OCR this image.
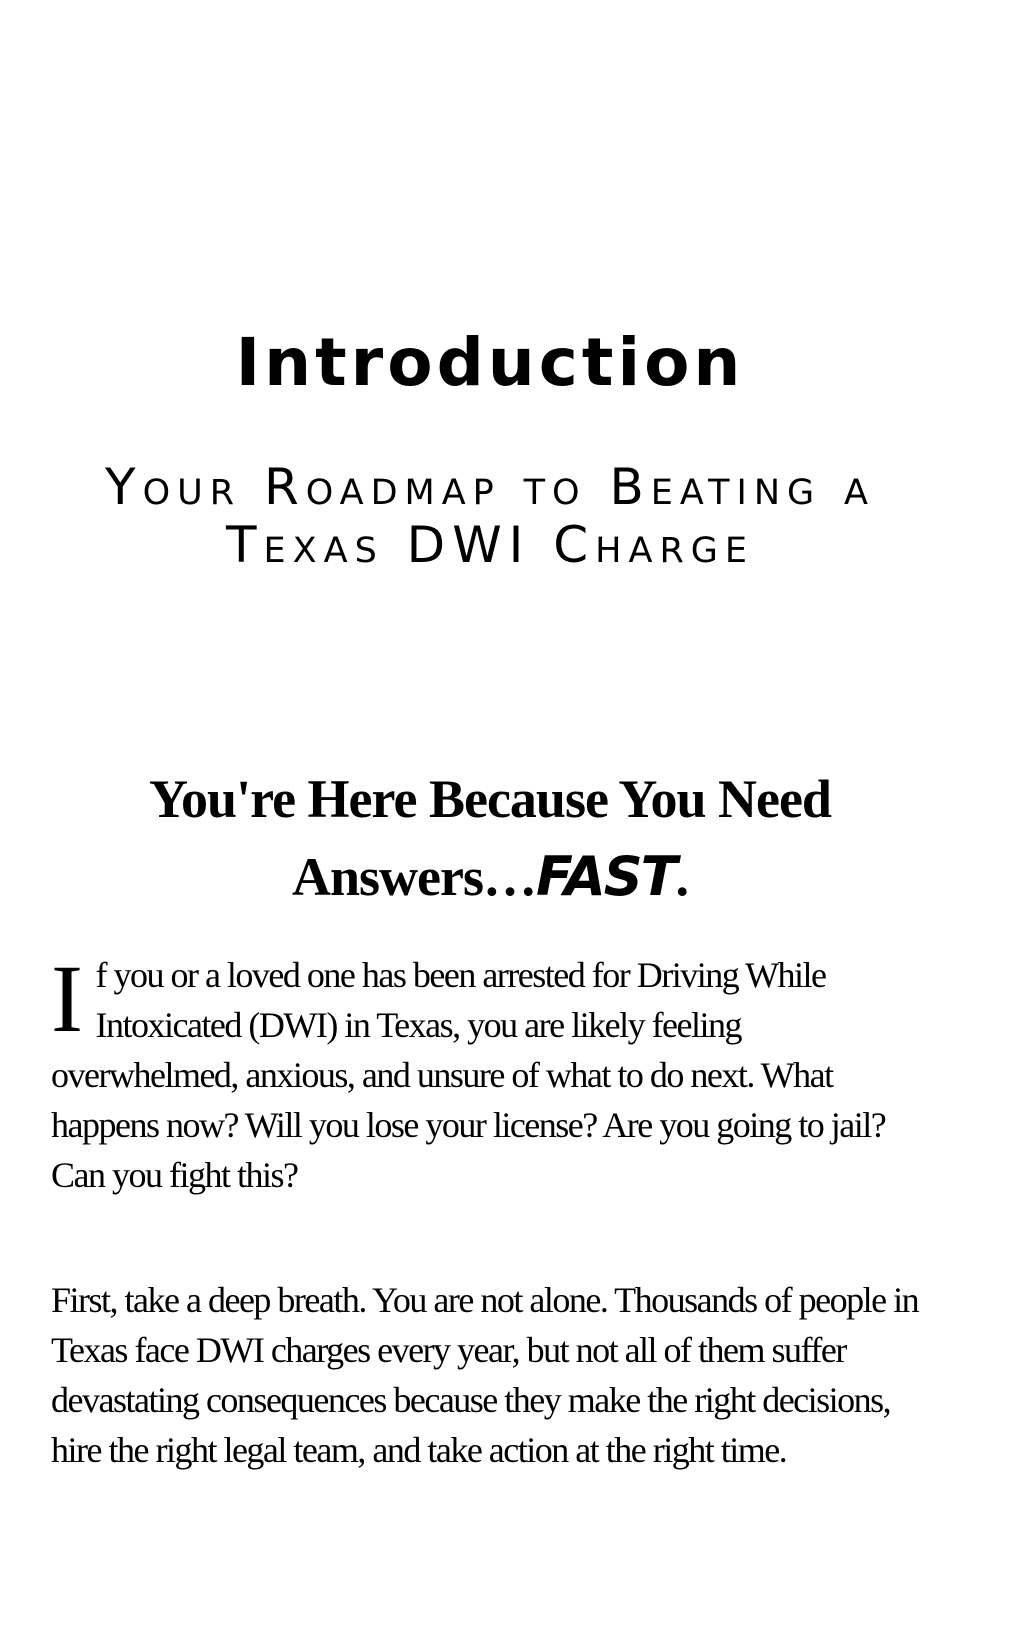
Introduction
Your Roadmap to Beating a
Texas DWI Charge
You're Here Because You Need Answers…FAST.

If you or a loved one has been arrested for Driving While Intoxicated (DWI) in Texas, you are likely feeling overwhelmed, anxious, and unsure of what to do next. What happens now? Will you lose your license? Are you going to jail? Can you fight this?

First, take a deep breath. You are not alone. Thousands of people in Texas face DWI charges every year, but not all of them suffer devastating consequences because they make the right decisions, hire the right legal team, and take action at the right time.
